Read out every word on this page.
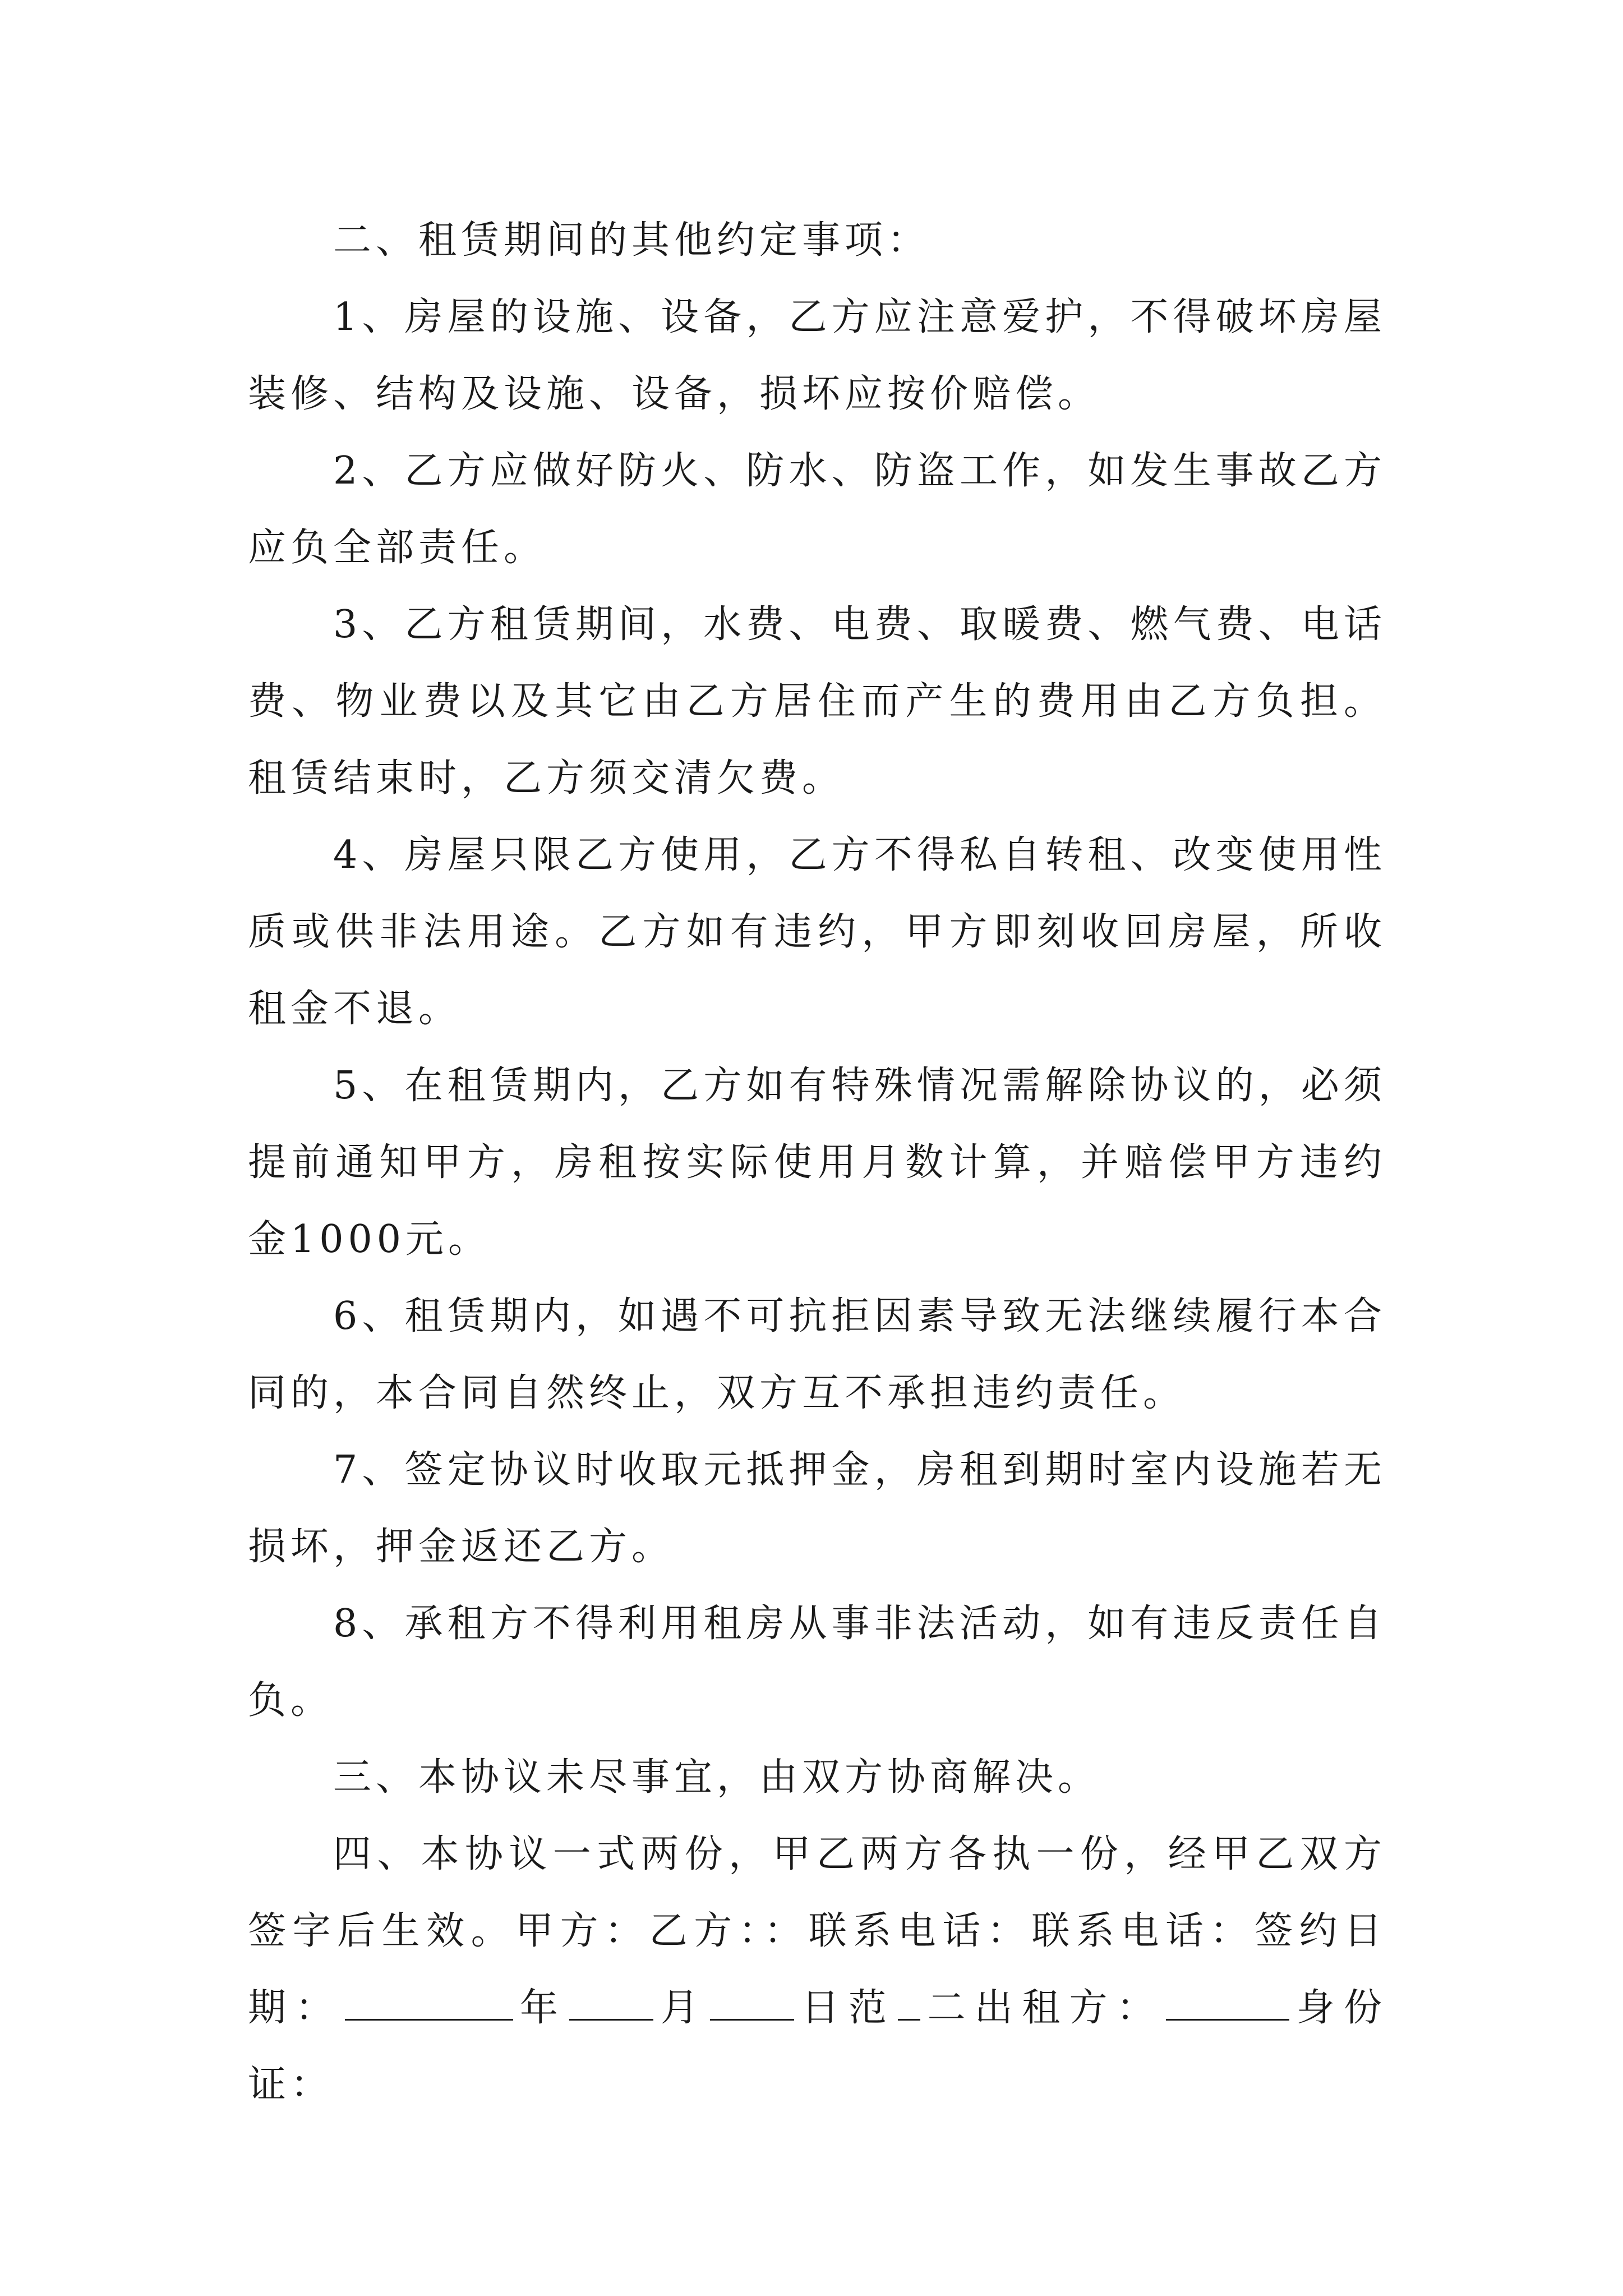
二、租赁期间的其他约定事项：

1、房屋的设施、设备，乙方应注意爱护，不得破坏房屋装修、结构及设施、设备，损坏应按价赔偿。

2、乙方应做好防火、防水、防盗工作，如发生事故乙方应负全部责任。

3、乙方租赁期间，水费、电费、取暖费、燃气费、电话费、物业费以及其它由乙方居住而产生的费用由乙方负担。租赁结束时，乙方须交清欠费。

4、房屋只限乙方使用，乙方不得私自转租、改变使用性质或供非法用途。乙方如有违约，甲方即刻收回房屋，所收租金不退。

5、在租赁期内，乙方如有特殊情况需解除协议的，必须提前通知甲方，房租按实际使用月数计算，并赔偿甲方违约金1000元。

6、租赁期内，如遇不可抗拒因素导致无法继续履行本合同的，本合同自然终止，双方互不承担违约责任。

7、签定协议时收取元抵押金，房租到期时室内设施若无损坏，押金返还乙方。

8、承租方不得利用租房从事非法活动，如有违反责任自负。

三、本协议未尽事宜，由双方协商解决。

四、本协议一式两份，甲乙两方各执一份，经甲乙双方签字后生效。甲方：乙方：：联系电话：联系电话：签约日期：	年 月 日范 二出租方：	身份证：
